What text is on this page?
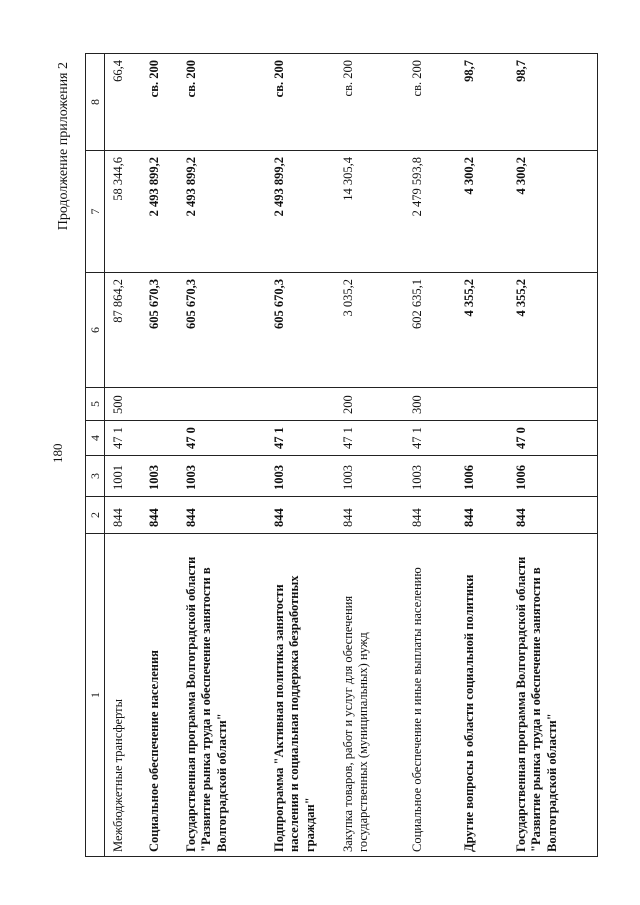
180
Продолжение приложения 2
1	2	3	4	5	6	7	8
Межбюджетные трансферты	844	1001	47 1	500	87 864,2	58 344,6	66,4
Социальное обеспечение населения	844	1003			605 670,3	2 493 899,2	св. 200
Государственная программа Волгоградской области "Развитие рынка труда и обеспечение занятости в Волгоградской области"	844	1003	47 0		605 670,3	2 493 899,2	св. 200
Подпрограмма "Активная политика занятости населения и социальная поддержка безработных граждан"	844	1003	47 1		605 670,3	2 493 899,2	св. 200
Закупка товаров, работ и услуг для обеспечения государственных (муниципальных) нужд	844	1003	47 1	200	3 035,2	14 305,4	св. 200
Социальное обеспечение и иные выплаты населению	844	1003	47 1	300	602 635,1	2 479 593,8	св. 200
Другие вопросы в области социальной политики	844	1006			4 355,2	4 300,2	98,7
Государственная программа Волгоградской области "Развитие рынка труда и обеспечение занятости в Волгоградской области"	844	1006	47 0		4 355,2	4 300,2	98,7
